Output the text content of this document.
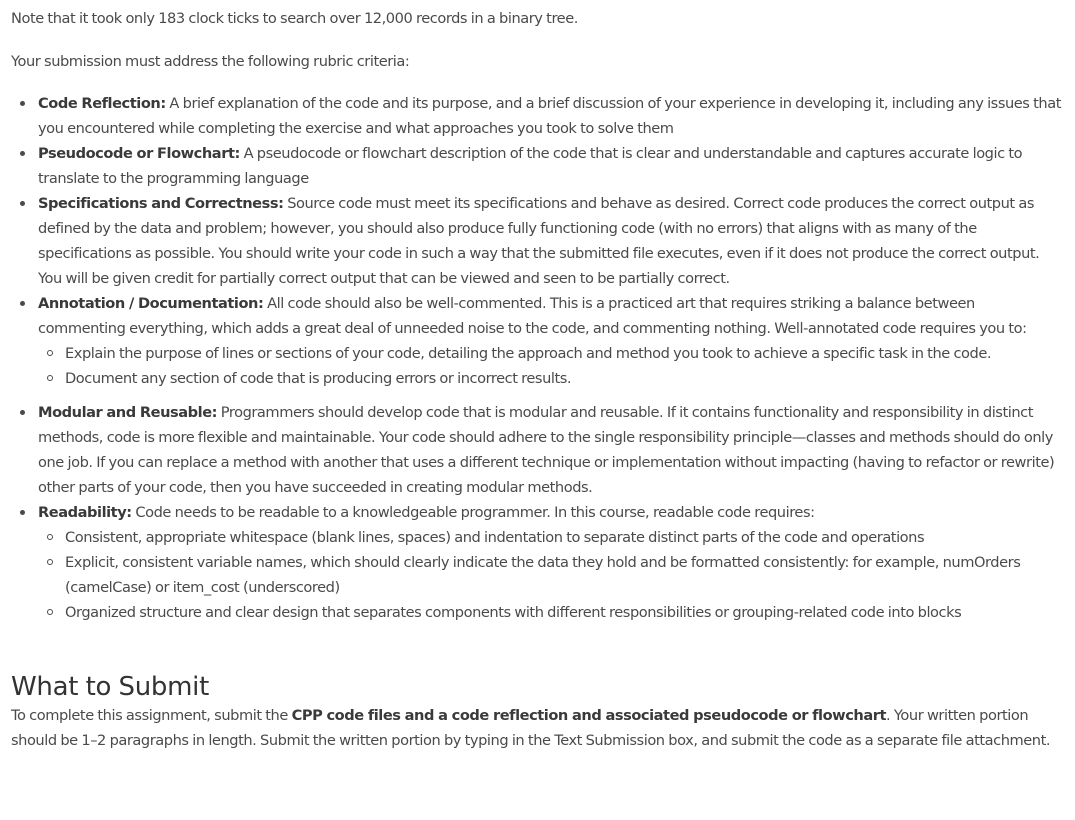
Note that it took only 183 clock ticks to search over 12,000 records in a binary tree.

Your submission must address the following rubric criteria:

Code Reflection: A brief explanation of the code and its purpose, and a brief discussion of your experience in developing it, including any issues that you encountered while completing the exercise and what approaches you took to solve them
Pseudocode or Flowchart: A pseudocode or flowchart description of the code that is clear and understandable and captures accurate logic to translate to the programming language
Specifications and Correctness: Source code must meet its specifications and behave as desired. Correct code produces the correct output as defined by the data and problem; however, you should also produce fully functioning code (with no errors) that aligns with as many of the specifications as possible. You should write your code in such a way that the submitted file executes, even if it does not produce the correct output. You will be given credit for partially correct output that can be viewed and seen to be partially correct.
Annotation / Documentation: All code should also be well-commented. This is a practiced art that requires striking a balance between commenting everything, which adds a great deal of unneeded noise to the code, and commenting nothing. Well-annotated code requires you to:
Explain the purpose of lines or sections of your code, detailing the approach and method you took to achieve a specific task in the code.
Document any section of code that is producing errors or incorrect results.
Modular and Reusable: Programmers should develop code that is modular and reusable. If it contains functionality and responsibility in distinct methods, code is more flexible and maintainable. Your code should adhere to the single responsibility principle—classes and methods should do only one job. If you can replace a method with another that uses a different technique or implementation without impacting (having to refactor or rewrite) other parts of your code, then you have succeeded in creating modular methods.
Readability: Code needs to be readable to a knowledgeable programmer. In this course, readable code requires:
Consistent, appropriate whitespace (blank lines, spaces) and indentation to separate distinct parts of the code and operations
Explicit, consistent variable names, which should clearly indicate the data they hold and be formatted consistently: for example, numOrders (camelCase) or item_cost (underscored)
Organized structure and clear design that separates components with different responsibilities or grouping-related code into blocks
What to Submit

To complete this assignment, submit the CPP code files and a code reflection and associated pseudocode or flowchart. Your written portion should be 1–2 paragraphs in length. Submit the written portion by typing in the Text Submission box, and submit the code as a separate file attachment.
